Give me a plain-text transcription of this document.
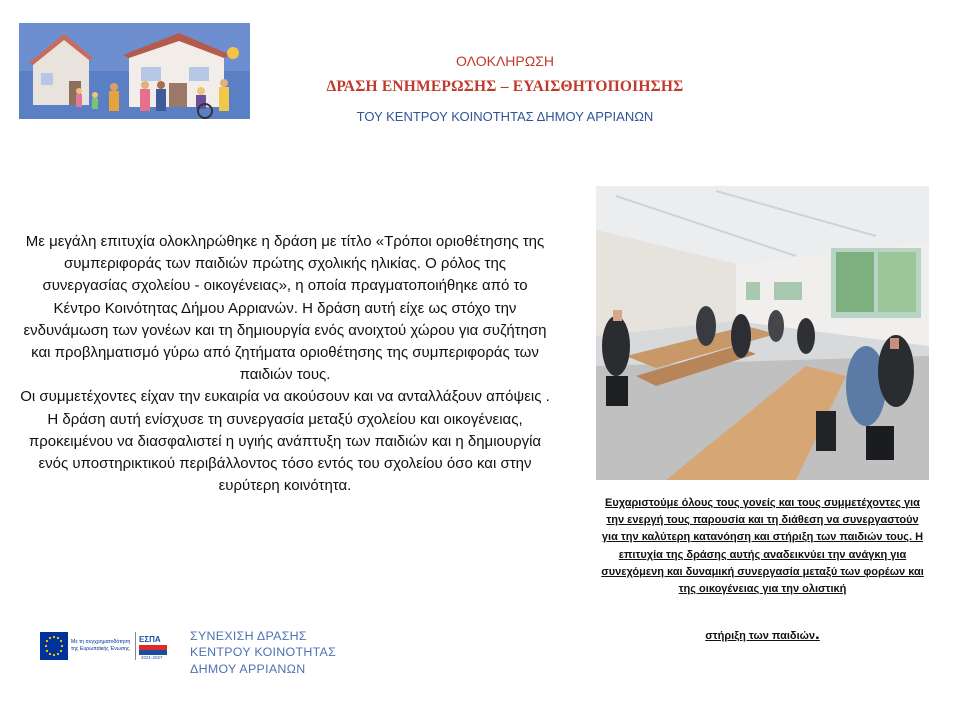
ΟΛΟΚΛΗΡΩΣΗ
ΔΡΑΣΗ ΕΝΗΜΕΡΩΣΗΣ – ΕΥΑΙΣΘΗΤΟΠΟΙΗΣΗΣ
ΤΟΥ ΚΕΝΤΡΟΥ ΚΟΙΝΟΤΗΤΑΣ ΔΗΜΟΥ ΑΡΡΙΑΝΩΝ

Με μεγάλη επιτυχία ολοκληρώθηκε η δράση με τίτλο «Τρόποι οριοθέτησης της συμπεριφοράς των παιδιών πρώτης σχολικής ηλικίας. Ο ρόλος της συνεργασίας σχολείου - οικογένειας», η οποία πραγματοποιήθηκε από το Κέντρο Κοινότητας Δήμου Αρριανών. Η δράση αυτή είχε ως στόχο την ενδυνάμωση των γονέων και τη δημιουργία ενός ανοιχτού χώρου για συζήτηση και προβληματισμό γύρω από ζητήματα οριοθέτησης της συμπεριφοράς των παιδιών τους.

Οι συμμετέχοντες είχαν την ευκαιρία να ακούσουν και να ανταλλάξουν απόψεις . Η δράση αυτή ενίσχυσε τη συνεργασία μεταξύ σχολείου και οικογένειας, προκειμένου να διασφαλιστεί η υγιής ανάπτυξη των παιδιών και η δημιουργία ενός υποστηρικτικού περιβάλλοντος τόσο εντός του σχολείου όσο και στην ευρύτερη κοινότητα.

Ευχαριστούμε όλους τους γονείς και τους συμμετέχοντες για την ενεργή τους παρουσία και τη διάθεση να συνεργαστούν για την καλύτερη κατανόηση και στήριξη των παιδιών τους. Η επιτυχία της δράσης αυτής αναδεικνύει την ανάγκη για συνεχόμενη και δυναμική συνεργασία μεταξύ των φορέων και της οικογένειας για την ολιστική
στήριξη των παιδιών.
Με τη συγχρηματοδότηση
της Ευρωπαϊκής Ένωσης
ΕΣΠΑ
2021-2027
ΣΥΝΕΧΙΣΗ ΔΡΑΣΗΣ
ΚΕΝΤΡΟΥ ΚΟΙΝΟΤΗΤΑΣ
ΔΗΜΟΥ ΑΡΡΙΑΝΩΝ
